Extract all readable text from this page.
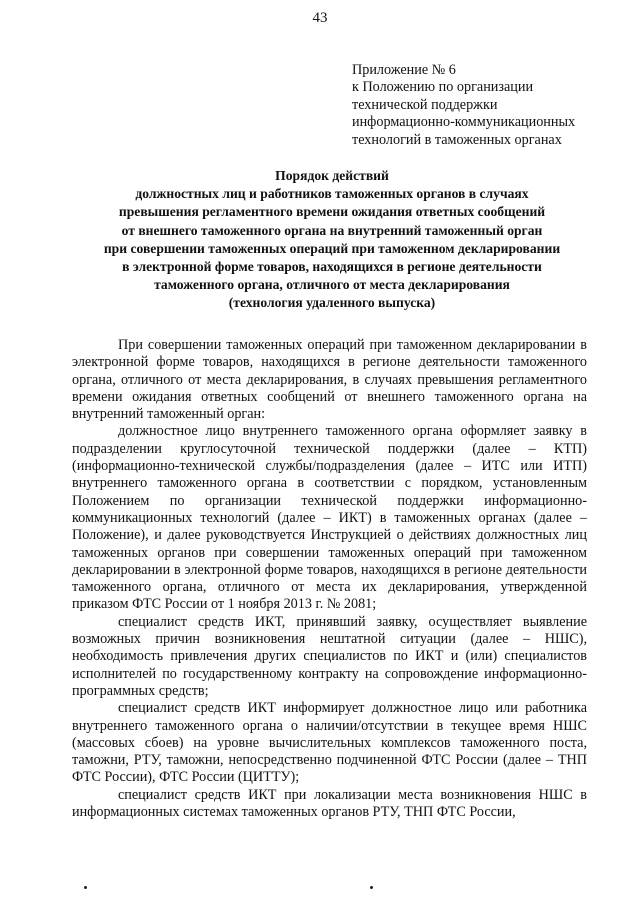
43
Приложение № 6
к Положению по организации
технической поддержки
информационно-коммуникационных
технологий в таможенных органах
Порядок действий
должностных лиц и работников таможенных органов в случаях
превышения регламентного времени ожидания ответных сообщений
от внешнего таможенного органа на внутренний таможенный орган
при совершении таможенных операций при таможенном декларировании
в электронной форме товаров, находящихся в регионе деятельности
таможенного органа, отличного от места декларирования
(технология удаленного выпуска)

При совершении таможенных операций при таможенном декларировании в электронной форме товаров, находящихся в регионе деятельности таможенного органа, отличного от места декларирования, в случаях превышения регламентного времени ожидания ответных сообщений от внешнего таможенного органа на внутренний таможенный орган:

должностное лицо внутреннего таможенного органа оформляет заявку в подразделении круглосуточной технической поддержки (далее – КТП) (информационно-технической службы/подразделения (далее – ИТС или ИТП) внутреннего таможенного органа в соответствии с порядком, установленным Положением по организации технической поддержки информационно-коммуникационных технологий (далее – ИКТ) в таможенных органах (далее – Положение), и далее руководствуется Инструкцией о действиях должностных лиц таможенных органов при совершении таможенных операций при таможенном декларировании в электронной форме товаров, находящихся в регионе деятельности таможенного органа, отличного от места их декларирования, утвержденной приказом ФТС России от 1 ноября 2013 г. № 2081;

специалист средств ИКТ, принявший заявку, осуществляет выявление возможных причин возникновения нештатной ситуации (далее – НШС), необходимость привлечения других специалистов по ИКТ и (или) специалистов исполнителей по государственному контракту на сопровождение информационно-программных средств;

специалист средств ИКТ информирует должностное лицо или работника внутреннего таможенного органа о наличии/отсутствии в текущее время НШС (массовых сбоев) на уровне вычислительных комплексов таможенного поста, таможни, РТУ, таможни, непосредственно подчиненной ФТС России (далее – ТНП ФТС России), ФТС России (ЦИТТУ);

специалист средств ИКТ при локализации места возникновения НШС в информационных системах таможенных органов РТУ, ТНП ФТС России,
